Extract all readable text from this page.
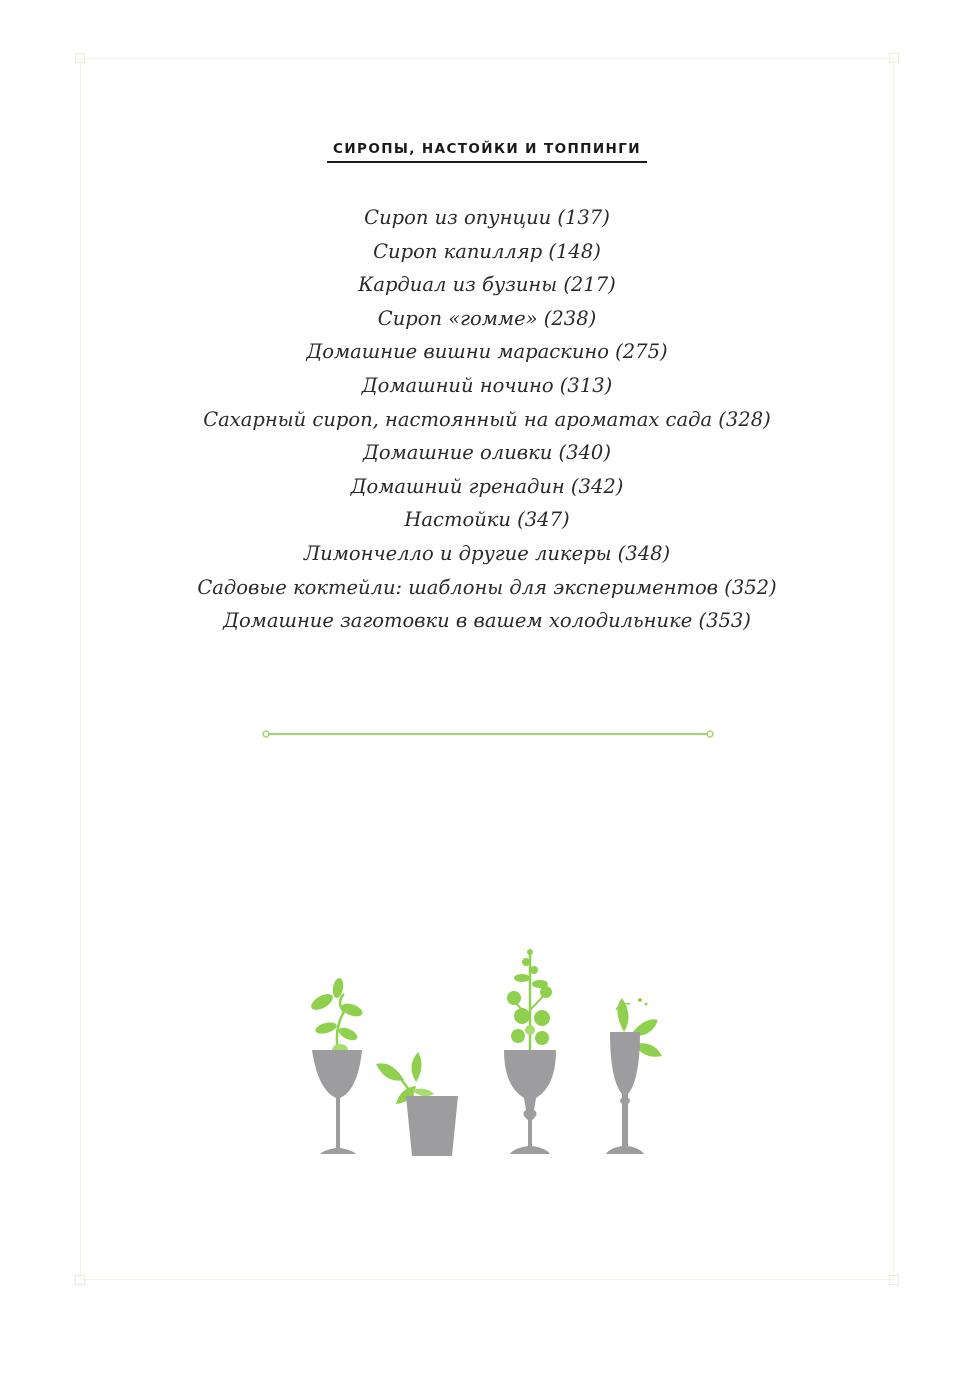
СИРОПЫ, НАСТОЙКИ И ТОППИНГИ
Сироп из опунции (137)
Сироп капилляр (148)
Кардиал из бузины (217)
Сироп «гомме» (238)
Домашние вишни мараскино (275)
Домашний ночино (313)
Сахарный сироп, настоянный на ароматах сада (328)
Домашние оливки (340)
Домашний гренадин (342)
Настойки (347)
Лимончелло и другие ликеры (348)
Садовые коктейли: шаблоны для экспериментов (352)
Домашние заготовки в вашем холодильнике (353)
